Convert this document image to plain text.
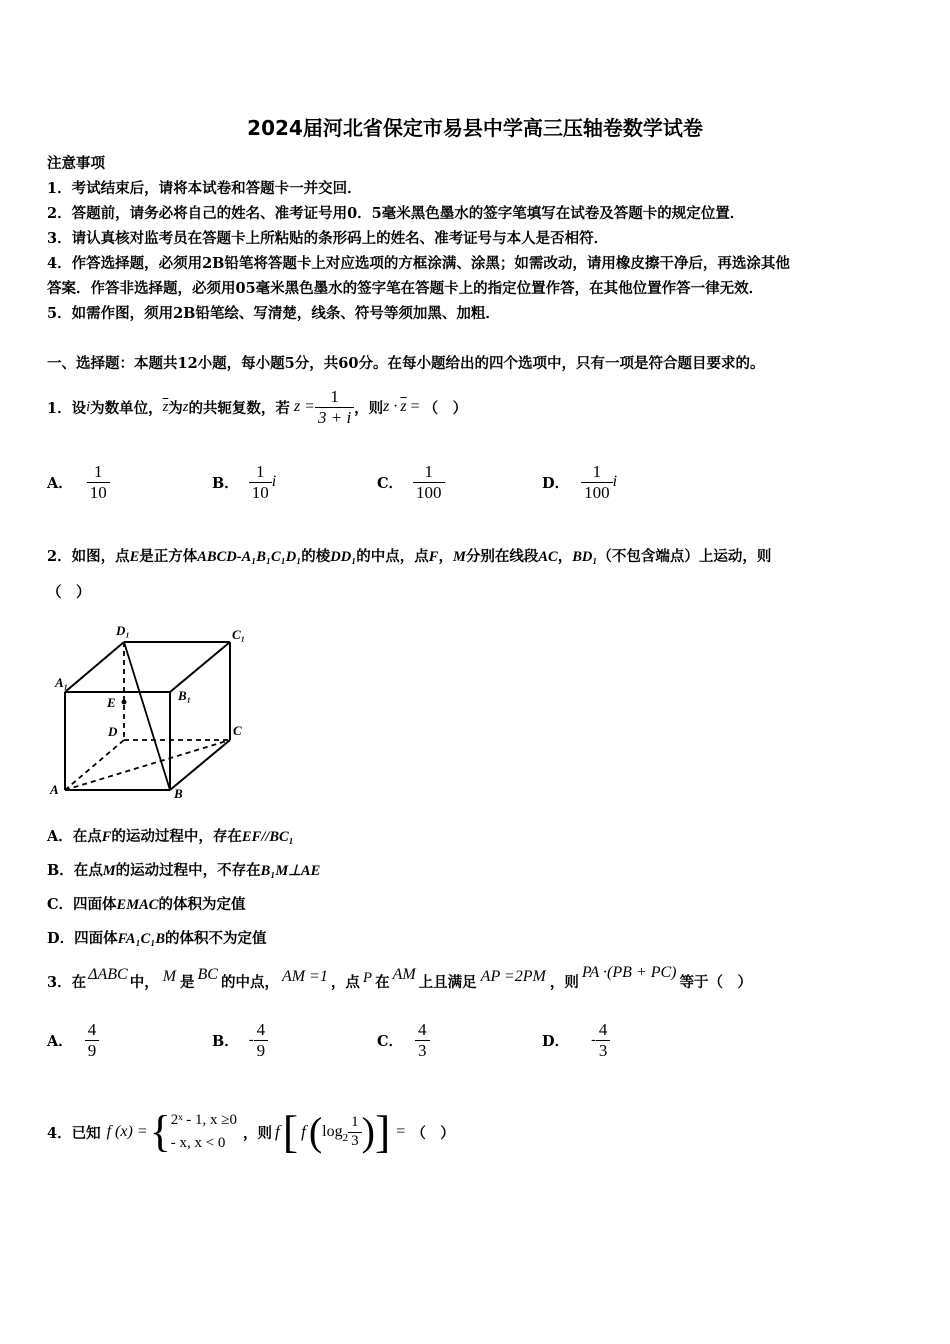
2024届河北省保定市易县中学高三压轴卷数学试卷
注意事项
1．考试结束后，请将本试卷和答题卡一并交回．
2．答题前，请务必将自己的姓名、准考证号用0．5毫米黑色墨水的签字笔填写在试卷及答题卡的规定位置．
3．请认真核对监考员在答题卡上所粘贴的条形码上的姓名、准考证号与本人是否相符．
4．作答选择题，必须用2B铅笔将答题卡上对应选项的方框涂满、涂黑；如需改动，请用橡皮擦干净后，再选涂其他
答案．作答非选择题，必须用05毫米黑色墨水的签字笔在答题卡上的指定位置作答，在其他位置作答一律无效．
5．如需作图，须用2B铅笔绘、写清楚，线条、符号等须加黑、加粗．
一、选择题：本题共12小题，每小题5分，共60分。在每小题给出的四个选项中，只有一项是符合题目要求的。
1．设 i 为数单位， $\overline{z}$ 为 z 的共轭复数，若 $z = \frac{1}{3 + i}$ ，则 $z \cdot \overline{z}$ = （　）
A． $\frac{1}{10}$	B． $\frac{1}{10}$ i	C． $\frac{1}{100}$	D． $\frac{1}{100}$ i
2．如图，点E是正方体ABCD-A₁B₁C₁D₁的棱DD₁的中点，点F，M分别在线段AC，BD₁（不包含端点）上运动，则
（　）
D₁	C₁
A₁
B₁
E
D	C
A	B
A．在点F的运动过程中，存在EF//BC₁
B．在点M的运动过程中，不存在B₁M⊥AE
C．四面体EMAC的体积为定值
D．四面体FA₁C₁B的体积不为定值
3．在 ΔABC 中， M 是 BC 的中点， AM =1 ，点 P 在 AM 上且满足 AP =2PM ，则
PA ·(PB + PC)
等于（　）
A． $\frac{4}{9}$	B． - $\frac{4}{9}$	C． $\frac{4}{3}$	D． - $\frac{4}{3}$
4．已知 f (x) = { 2ˣ - 1, x ≥0
- x, x < 0
，则 f [ f ( $\log 2 \frac{1}{3}$ ) ] = （　）
